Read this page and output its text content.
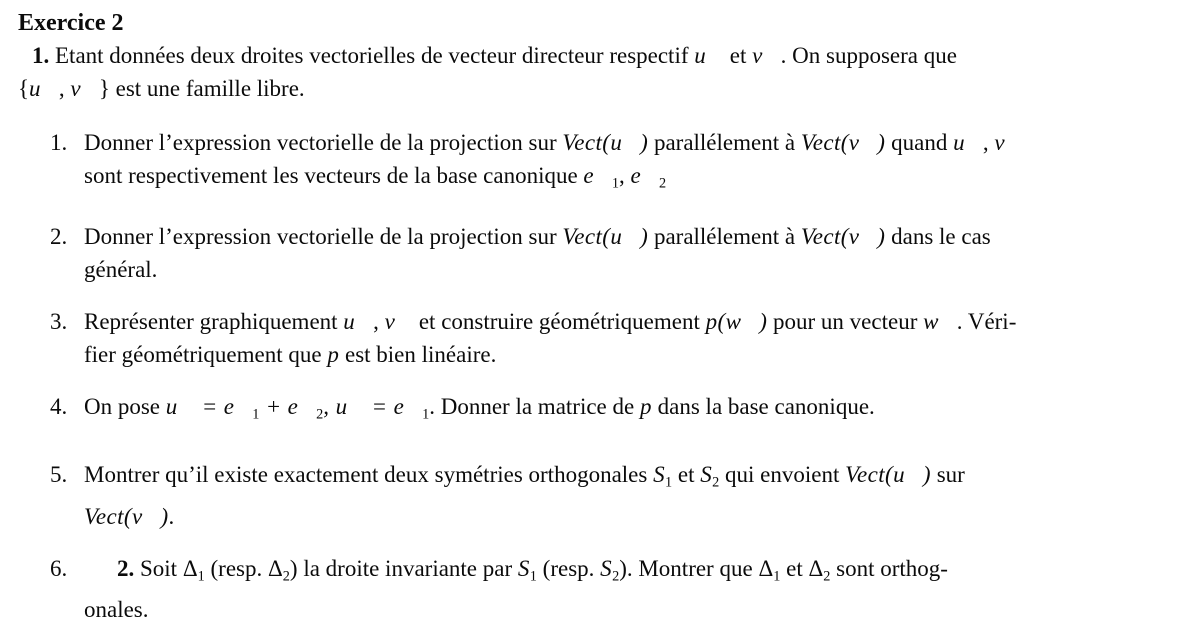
Exercice 2
1. Etant données deux droites vectorielles de vecteur directeur respectif u⃗ et v⃗. On supposera que
{u⃗, v⃗} est une famille libre.
1. Donner l’expression vectorielle de la projection sur Vect(u⃗) parallélement à Vect(v⃗) quand u⃗, v⃗
sont respectivement les vecteurs de la base canonique $e⃗_1$, $e⃗_2$
2. Donner l’expression vectorielle de la projection sur Vect(u⃗) parallélement à Vect(v⃗) dans le cas
général.
3. Représenter graphiquement u⃗, v⃗ et construire géométriquement p(w⃗) pour un vecteur w⃗. Véri-
fier géométriquement que p est bien linéaire.
4. On pose u⃗ = $e⃗_1$ + $e⃗_2$, u⃗ = $e⃗_1$. Donner la matrice de p dans la base canonique.
5. Montrer qu’il existe exactement deux symétries orthogonales $S_1$ et $S_2$ qui envoient Vect(u⃗) sur
Vect(v⃗).
6.	2. Soit $\Delta_1$ (resp. $\Delta_2$) la droite invariante par $S_1$ (resp. $S_2$). Montrer que $\Delta_1$ et $\Delta_2$ sont orthog-
onales.
